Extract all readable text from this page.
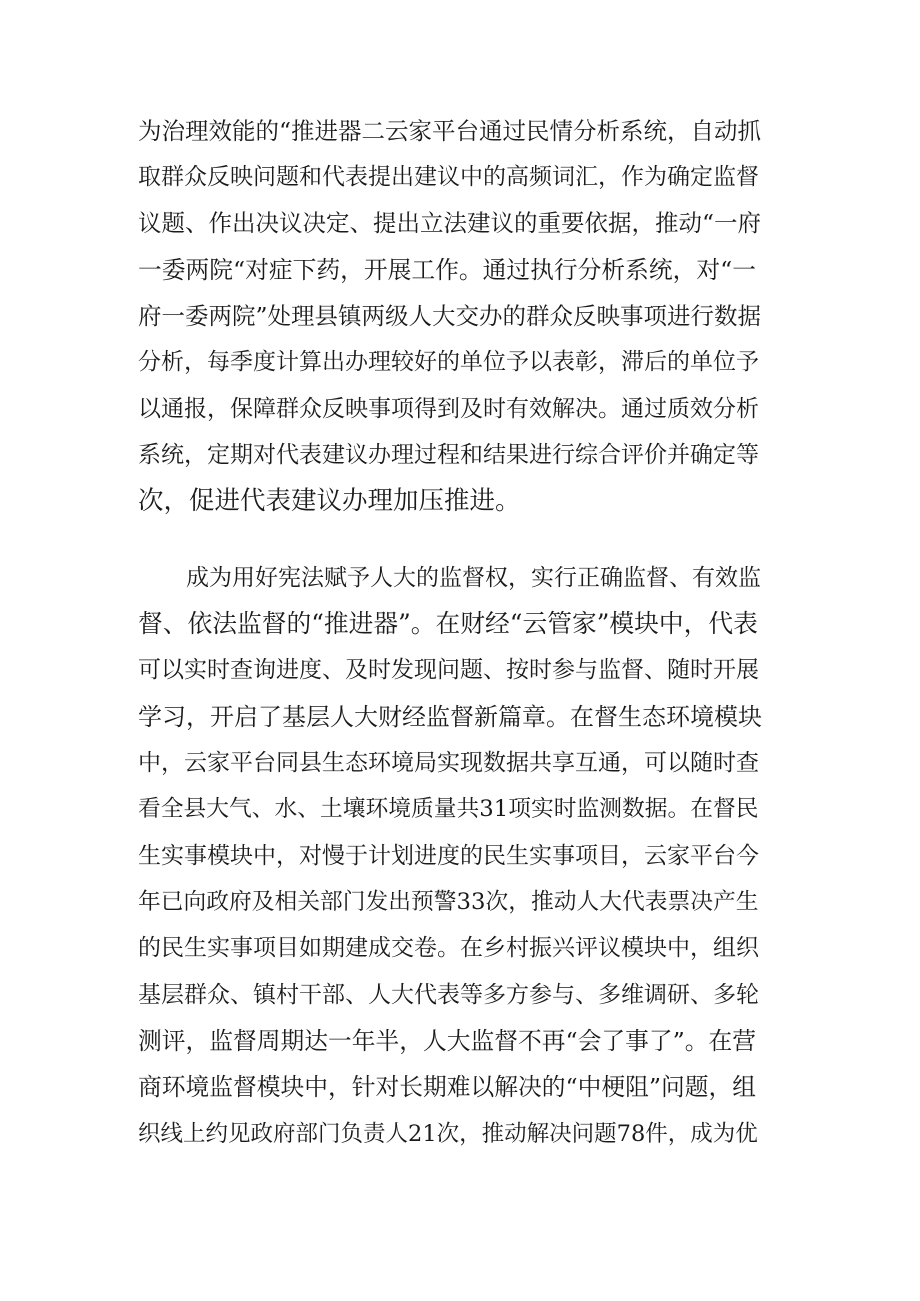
为治理效能的“推进器二云家平台通过民情分析系统，自动抓
取群众反映问题和代表提出建议中的高频词汇，作为确定监督
议题、作出决议决定、提出立法建议的重要依据，推动“一府
一委两院“对症下药，开展工作。通过执行分析系统，对“一
府一委两院”处理县镇两级人大交办的群众反映事项进行数据
分析，每季度计算出办理较好的单位予以表彰，滞后的单位予
以通报，保障群众反映事项得到及时有效解决。通过质效分析
系统，定期对代表建议办理过程和结果进行综合评价并确定等
次，促进代表建议办理加压推进。
成为用好宪法赋予人大的监督权，实行正确监督、有效监
督、依法监督的“推进器”。在财经“云管家”模块中，代表
可以实时查询进度、及时发现问题、按时参与监督、随时开展
学习，开启了基层人大财经监督新篇章。在督生态环境模块
中，云家平台同县生态环境局实现数据共享互通，可以随时查
看全县大气、水、土壤环境质量共31项实时监测数据。在督民
生实事模块中，对慢于计划进度的民生实事项目，云家平台今
年已向政府及相关部门发出预警33次，推动人大代表票决产生
的民生实事项目如期建成交卷。在乡村振兴评议模块中，组织
基层群众、镇村干部、人大代表等多方参与、多维调研、多轮
测评，监督周期达一年半，人大监督不再“会了事了”。在营
商环境监督模块中，针对长期难以解决的“中梗阻”问题，组
织线上约见政府部门负责人21次，推动解决问题78件，成为优
